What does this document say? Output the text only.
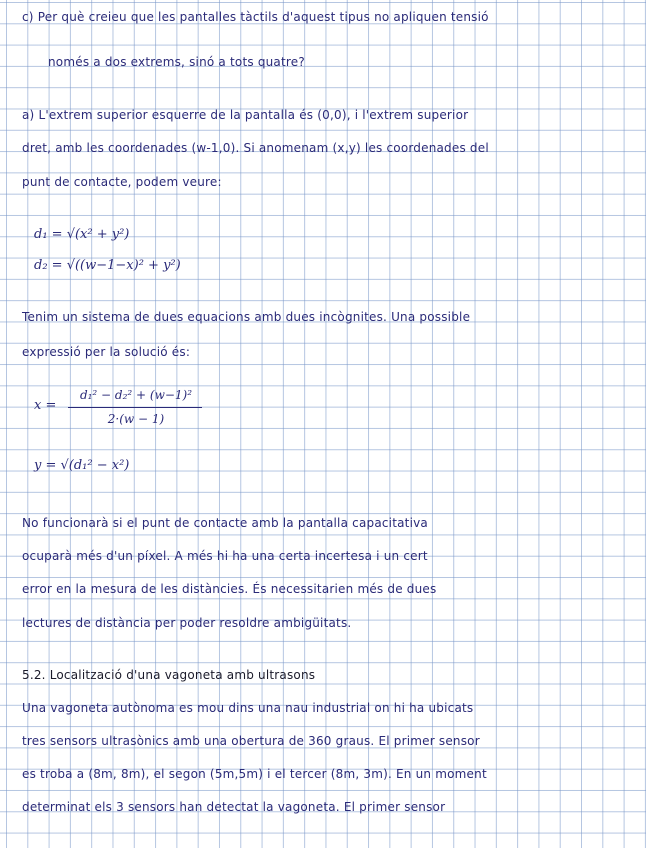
c) Per què creieu que les pantalles tàctils d'aquest tipus no apliquen tensió
només a dos extrems, sinó a tots quatre?
a) L'extrem superior esquerre de la pantalla és (0,0), i l'extrem superior
dret, amb les coordenades (w-1,0). Si anomenam (x,y) les coordenades del
punt de contacte, podem veure:
d₁ = √(x² + y²)
d₂ = √((w−1−x)² + y²)
Tenim un sistema de dues equacions amb dues incògnites. Una possible
expressió per la solució és:
x =
d₁² − d₂² + (w−1)²
2·(w − 1)
y = √(d₁² − x²)
No funcionarà si el punt de contacte amb la pantalla capacitativa
ocuparà més d'un píxel. A més hi ha una certa incertesa i un cert
error en la mesura de les distàncies. És necessitarien més de dues
lectures de distància per poder resoldre ambigüitats.
5.2. Localització d'una vagoneta amb ultrasons
Una vagoneta autònoma es mou dins una nau industrial on hi ha ubicats
tres sensors ultrasònics amb una obertura de 360 graus. El primer sensor
es troba a (8m, 8m), el segon (5m,5m) i el tercer (8m, 3m). En un moment
determinat els 3 sensors han detectat la vagoneta. El primer sensor
